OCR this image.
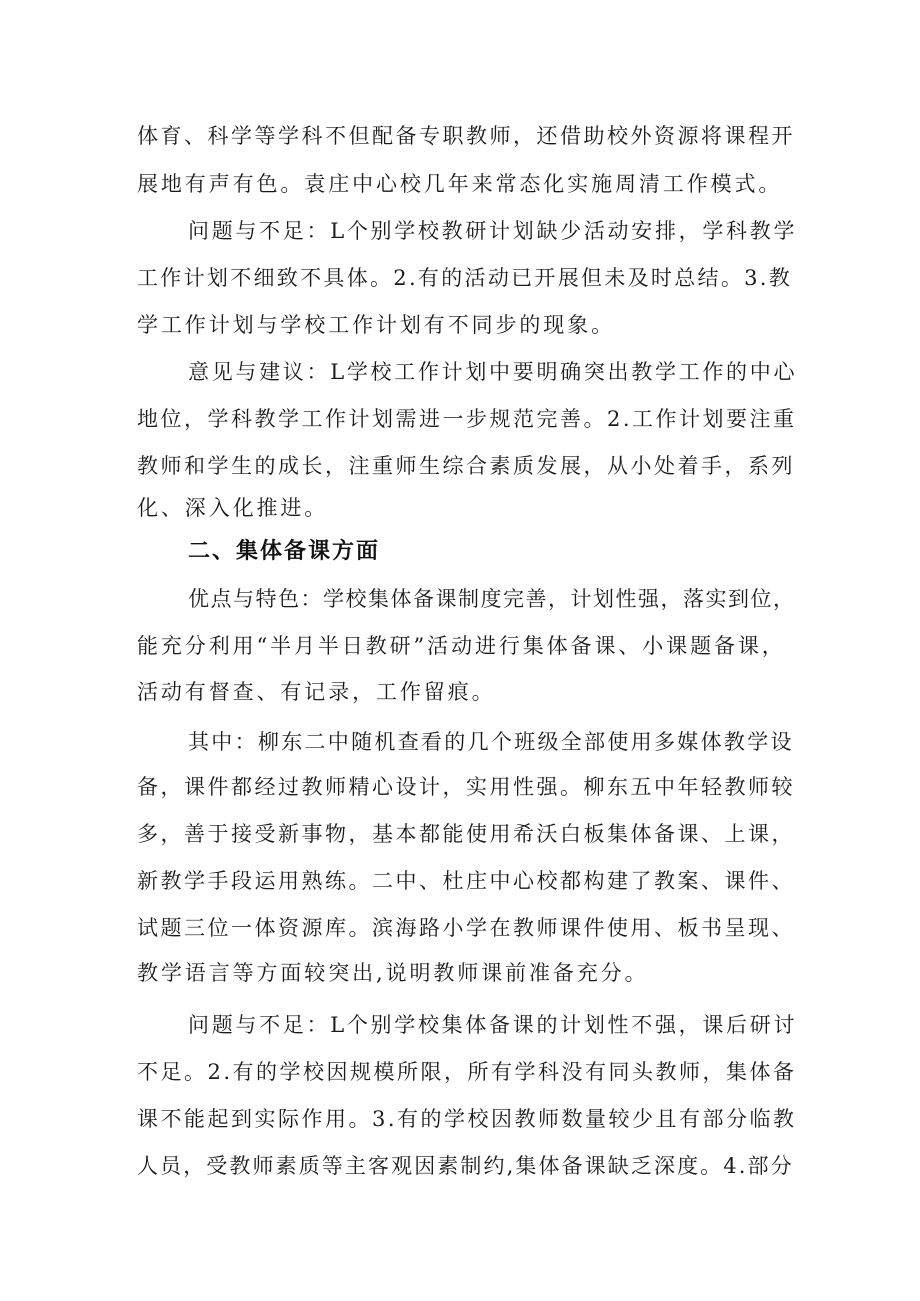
体育、科学等学科不但配备专职教师，还借助校外资源将课程开
展地有声有色。袁庄中心校几年来常态化实施周清工作模式。
问题与不足：L个别学校教研计划缺少活动安排，学科教学
工作计划不细致不具体。2.有的活动已开展但未及时总结。3.教
学工作计划与学校工作计划有不同步的现象。
意见与建议：L学校工作计划中要明确突出教学工作的中心
地位，学科教学工作计划需进一步规范完善。2.工作计划要注重
教师和学生的成长，注重师生综合素质发展，从小处着手，系列
化、深入化推进。
二、集体备课方面
优点与特色：学校集体备课制度完善，计划性强，落实到位，
能充分利用“半月半日教研”活动进行集体备课、小课题备课，
活动有督查、有记录，工作留痕。
其中：柳东二中随机查看的几个班级全部使用多媒体教学设
备，课件都经过教师精心设计，实用性强。柳东五中年轻教师较
多，善于接受新事物，基本都能使用希沃白板集体备课、上课，
新教学手段运用熟练。二中、杜庄中心校都构建了教案、课件、
试题三位一体资源库。滨海路小学在教师课件使用、板书呈现、
教学语言等方面较突出,说明教师课前准备充分。
问题与不足：L个别学校集体备课的计划性不强，课后研讨
不足。2.有的学校因规模所限，所有学科没有同头教师，集体备
课不能起到实际作用。3.有的学校因教师数量较少且有部分临教
人员，受教师素质等主客观因素制约,集体备课缺乏深度。4.部分
